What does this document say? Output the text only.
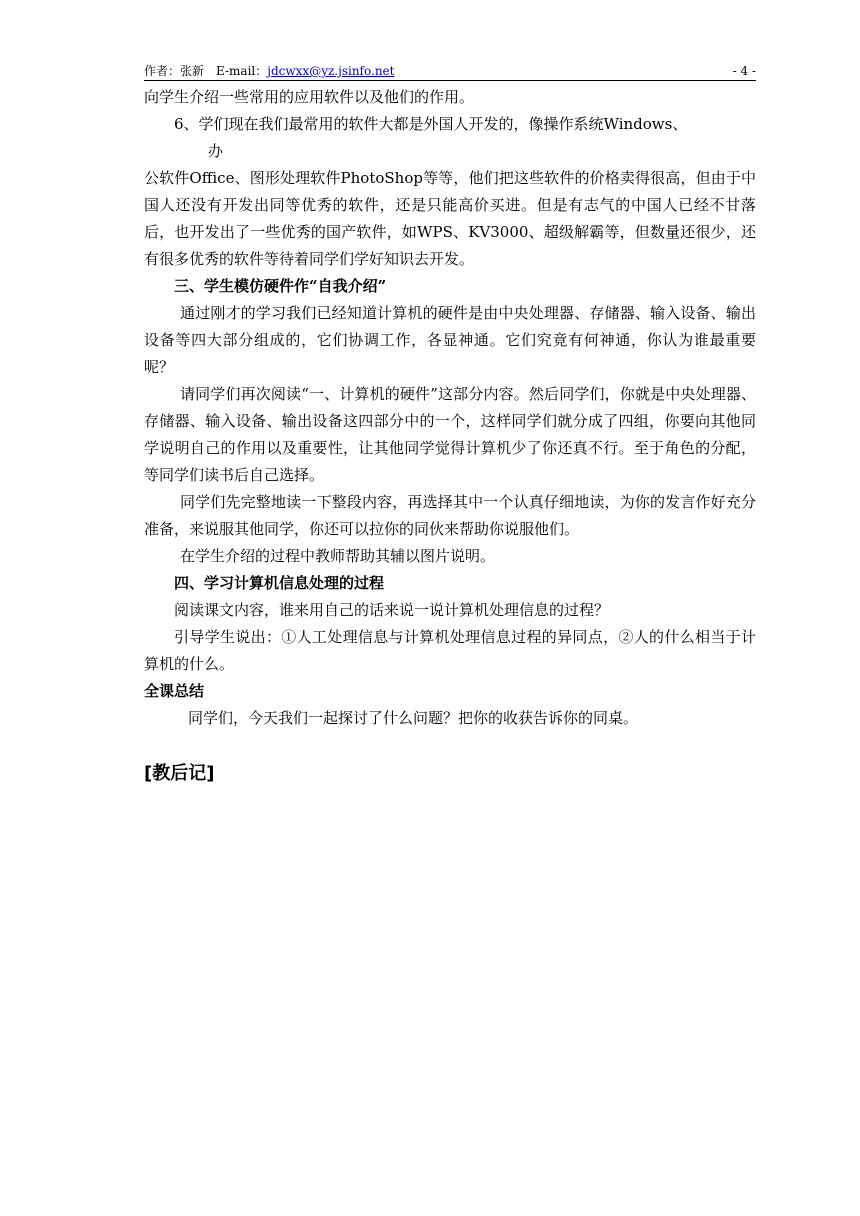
作者：张新 E-mail：jdcwxx@yz.jsinfo.net	- 4 -

向学生介绍一些常用的应用软件以及他们的作用。

6、学们现在我们最常用的软件大都是外国人开发的，像操作系统Windows、

办

公软件Office、图形处理软件PhotoShop等等，他们把这些软件的价格卖得很高，但由于中国人还没有开发出同等优秀的软件，还是只能高价买进。但是有志气的中国人已经不甘落后，也开发出了一些优秀的国产软件，如WPS、KV3000、超级解霸等，但数量还很少，还有很多优秀的软件等待着同学们学好知识去开发。

三、学生模仿硬件作“自我介绍”

通过刚才的学习我们已经知道计算机的硬件是由中央处理器、存储器、输入设备、输出设备等四大部分组成的，它们协调工作，各显神通。它们究竟有何神通，你认为谁最重要呢？

请同学们再次阅读“一、计算机的硬件”这部分内容。然后同学们，你就是中央处理器、存储器、输入设备、输出设备这四部分中的一个，这样同学们就分成了四组，你要向其他同学说明自己的作用以及重要性，让其他同学觉得计算机少了你还真不行。至于角色的分配，等同学们读书后自己选择。

同学们先完整地读一下整段内容，再选择其中一个认真仔细地读，为你的发言作好充分准备，来说服其他同学，你还可以拉你的同伙来帮助你说服他们。

在学生介绍的过程中教师帮助其辅以图片说明。

四、学习计算机信息处理的过程

阅读课文内容，谁来用自己的话来说一说计算机处理信息的过程？

引导学生说出：①人工处理信息与计算机处理信息过程的异同点，②人的什么相当于计算机的什么。

全课总结

同学们，今天我们一起探讨了什么问题？把你的收获告诉你的同桌。

[教后记]
